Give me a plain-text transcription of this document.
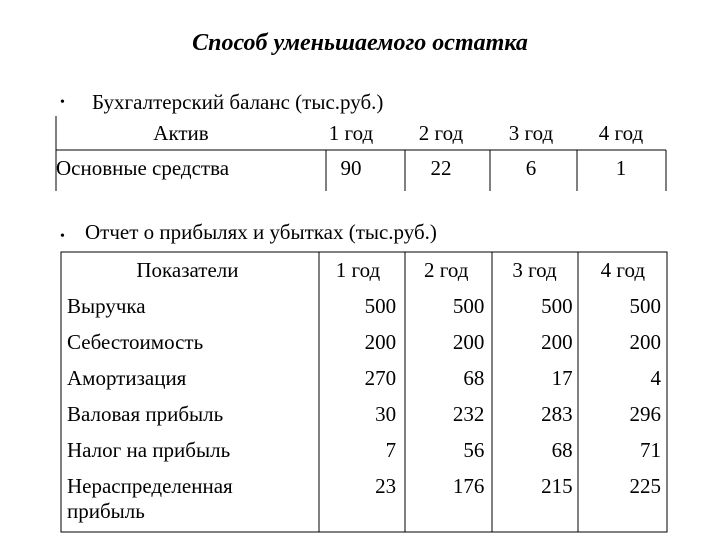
Способ уменьшаемого остатка
• Бухгалтерский баланс (тыс.руб.)
Актив	1 год	2 год	3 год	4 год
Основные средства	90	22	6	1
• Отчет о прибылях и убытках (тыс.руб.)
Показатели	1 год	2 год	3 год	4 год
Выручка	500	500	500	500
Себестоимость	200	200	200	200
Амортизация	270	68	17	4
Валовая прибыль	30	232	283	296
Налог на прибыль	7	56	68	71
Нераспределенная прибыль	23	176	215	225
